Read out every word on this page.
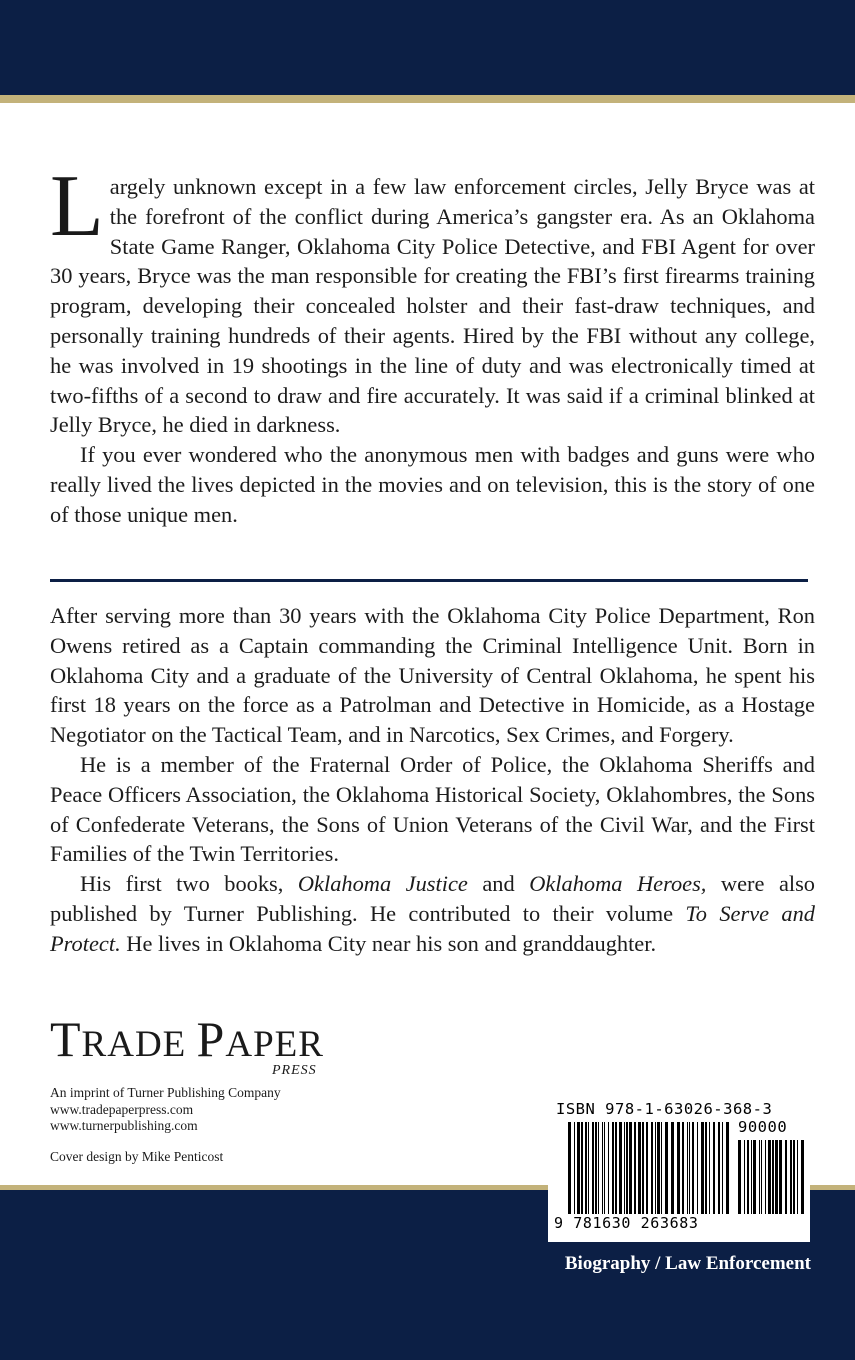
Largely unknown except in a few law enforcement circles, Jelly Bryce was at the forefront of the conflict during America’s gangster era. As an Oklahoma State Game Ranger, Oklahoma City Police Detective, and FBI Agent for over 30 years, Bryce was the man responsible for creating the FBI’s first firearms training program, developing their concealed holster and their fast-draw techniques, and personally training hundreds of their agents. Hired by the FBI without any college, he was involved in 19 shootings in the line of duty and was electronically timed at two-fifths of a second to draw and fire accurately. It was said if a criminal blinked at Jelly Bryce, he died in darkness.

If you ever wondered who the anonymous men with badges and guns were who really lived the lives depicted in the movies and on television, this is the story of one of those unique men.

After serving more than 30 years with the Oklahoma City Police Department, Ron Owens retired as a Captain commanding the Criminal Intelligence Unit. Born in Oklahoma City and a graduate of the University of Central Oklahoma, he spent his first 18 years on the force as a Patrolman and Detective in Homicide, as a Hostage Negotiator on the Tactical Team, and in Narcotics, Sex Crimes, and Forgery.

He is a member of the Fraternal Order of Police, the Oklahoma Sheriffs and Peace Officers Association, the Oklahoma Historical Society, Oklahombres, the Sons of Confederate Veterans, the Sons of Union Veterans of the Civil War, and the First Families of the Twin Territories.

His first two books, Oklahoma Justice and Oklahoma Heroes, were also published by Turner Publishing. He contributed to their volume To Serve and Protect. He lives in Oklahoma City near his son and granddaughter.

TRADE PAPER
PRESS
An imprint of Turner Publishing Company
www.tradepaperpress.com
www.turnerpublishing.com
Cover design by Mike Penticost
ISBN 978-1-63026-368-3
90000
9 781630 263683
Biography / Law Enforcement
